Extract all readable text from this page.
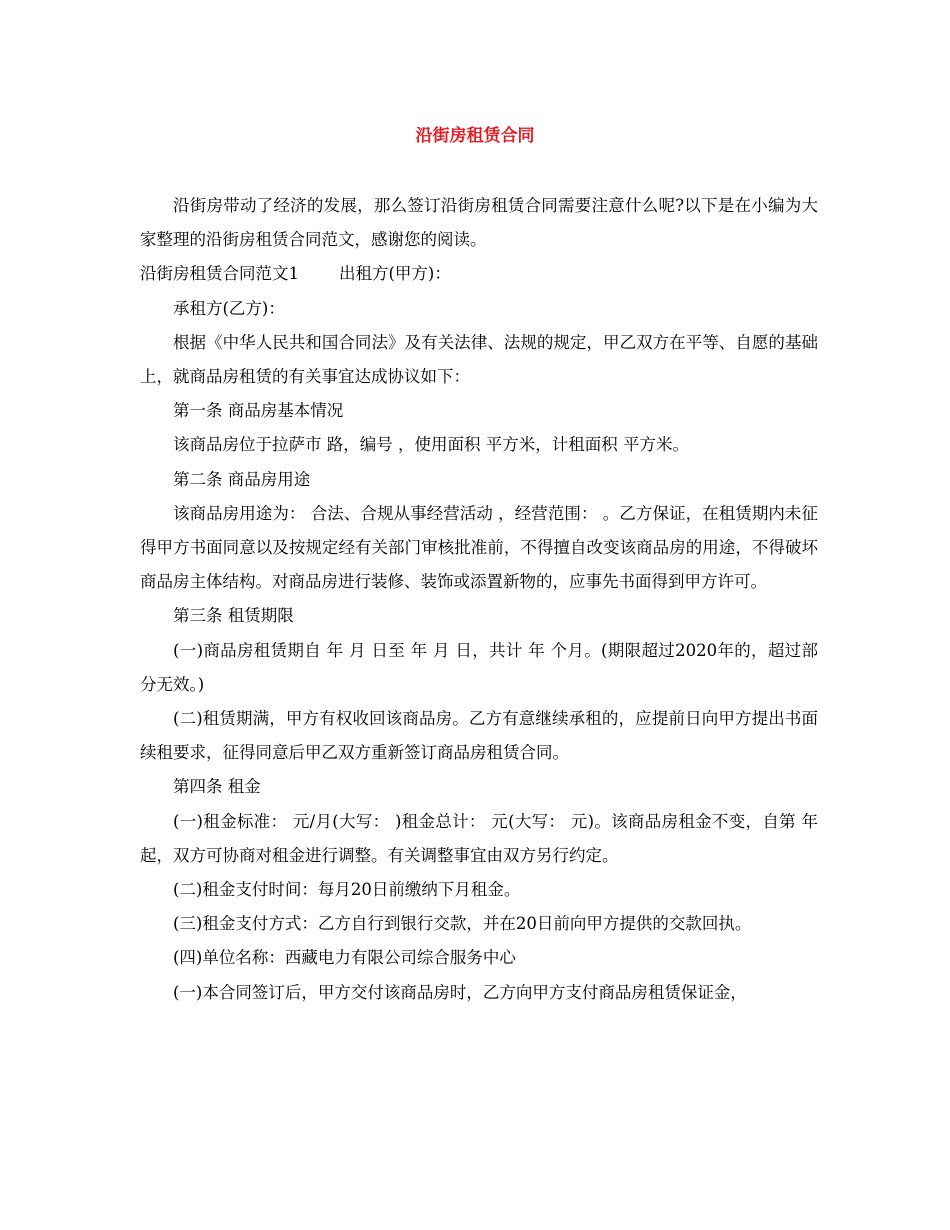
沿街房租赁合同

沿街房带动了经济的发展，那么签订沿街房租赁合同需要注意什么呢?以下是在小编为大家整理的沿街房租赁合同范文，感谢您的阅读。

沿街房租赁合同范文1 出租方(甲方)：

承租方(乙方)：

根据《中华人民共和国合同法》及有关法律、法规的规定，甲乙双方在平等、自愿的基础上，就商品房租赁的有关事宜达成协议如下：

第一条 商品房基本情况

该商品房位于拉萨市 路，编号 ，使用面积 平方米，计租面积 平方米。

第二条 商品房用途

该商品房用途为： 合法、合规从事经营活动 ，经营范围： 。乙方保证，在租赁期内未征得甲方书面同意以及按规定经有关部门审核批准前，不得擅自改变该商品房的用途，不得破坏商品房主体结构。对商品房进行装修、装饰或添置新物的，应事先书面得到甲方许可。

第三条 租赁期限

(一)商品房租赁期自 年 月 日至 年 月 日，共计 年 个月。(期限超过2020年的，超过部分无效。)

(二)租赁期满，甲方有权收回该商品房。乙方有意继续承租的，应提前日向甲方提出书面续租要求，征得同意后甲乙双方重新签订商品房租赁合同。

第四条 租金

(一)租金标准： 元/月(大写： )租金总计： 元(大写： 元)。该商品房租金不变，自第 年起，双方可协商对租金进行调整。有关调整事宜由双方另行约定。

(二)租金支付时间：每月20日前缴纳下月租金。

(三)租金支付方式：乙方自行到银行交款，并在20日前向甲方提供的交款回执。

(四)单位名称：西藏电力有限公司综合服务中心

(一)本合同签订后，甲方交付该商品房时，乙方向甲方支付商品房租赁保证金，
